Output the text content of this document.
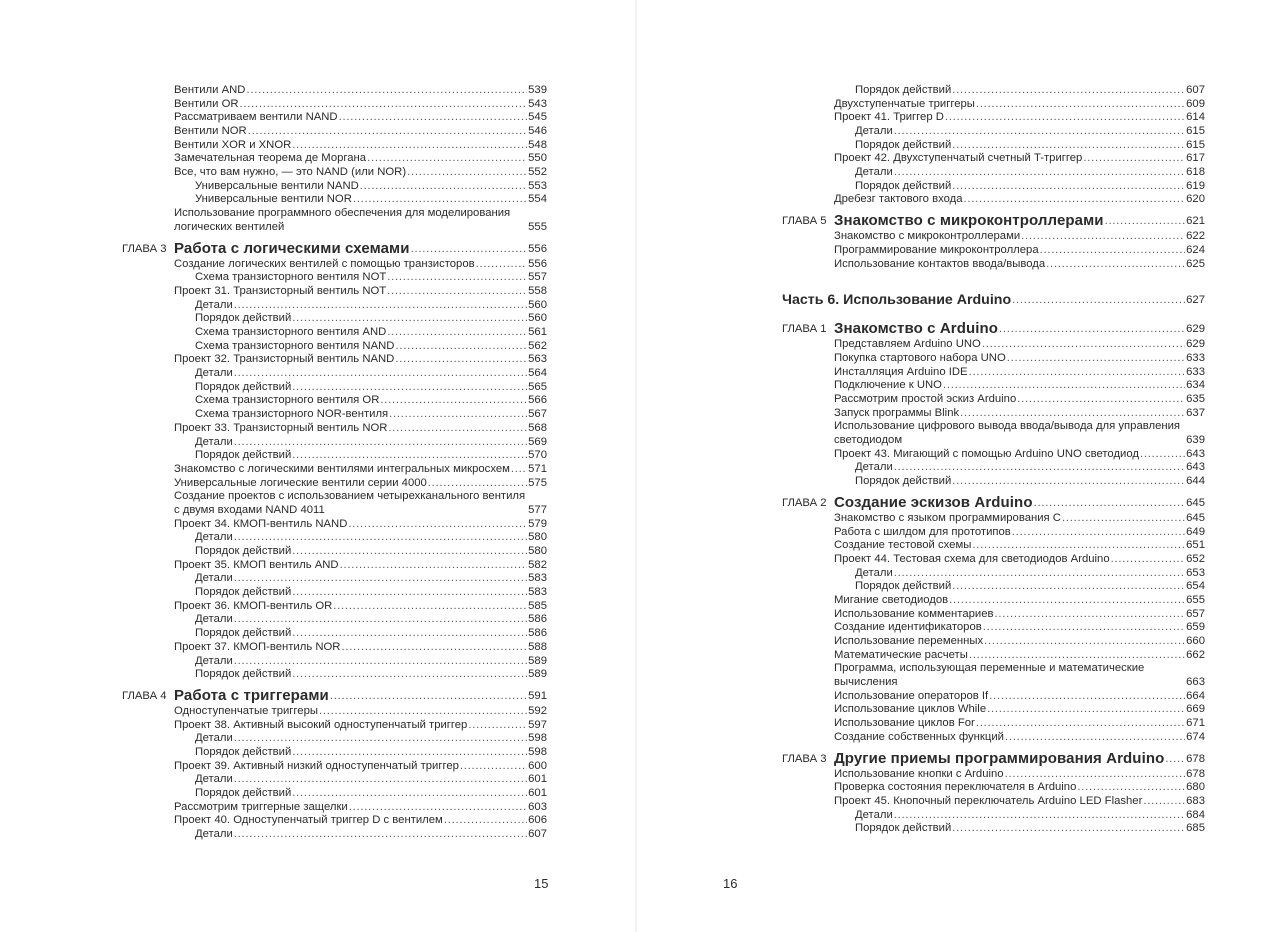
Вентили AND . . .	539
Вентили OR . . .	543
Рассматриваем вентили NAND . . .	545
Вентили NOR . . .	546
Вентили XOR и XNOR . . .	548
Замечательная теорема де Моргана . . .	550
Все, что вам нужно, — это NAND (или NOR) . . .	552
Универсальные вентили NAND . . .	553
Универсальные вентили NOR . . .	554
Использование программного обеспечения для моделирования логических вентилей	555
ГЛАВА 3 Работа с логическими схемами . . .	556
Создание логических вентилей с помощью транзисторов . . .	556
Схема транзисторного вентиля NOT . . .	557
Проект 31. Транзисторный вентиль NOT . . .	558
Детали . . .	560
Порядок действий . . .	560
Схема транзисторного вентиля AND . . .	561
Схема транзисторного вентиля NAND . . .	562
Проект 32. Транзисторный вентиль NAND . . .	563
Детали . . .	564
Порядок действий . . .	565
Схема транзисторного вентиля OR . . .	566
Схема транзисторного NOR-вентиля . . .	567
Проект 33. Транзисторный вентиль NOR . . .	568
Детали . . .	569
Порядок действий . . .	570
Знакомство с логическими вентилями интегральных микросхем . . . 571
Универсальные логические вентили серии 4000 . . .	575
Создание проектов с использованием четырехканального вентиля с двумя входами NAND 4011	577
Проект 34. КМОП-вентиль NAND . . .	579
Детали . . .	580
Порядок действий . . .	580
Проект 35. КМОП вентиль AND . . .	582
Детали . . .	583
Порядок действий . . .	583
Проект 36. КМОП-вентиль OR . . .	585
Детали . . .	586
Порядок действий . . .	586
Проект 37. КМОП-вентиль NOR . . .	588
Детали . . .	589
Порядок действий . . .	589
ГЛАВА 4 Работа с триггерами . . .	591
Одноступенчатые триггеры . . .	592
Проект 38. Активный высокий одноступенчатый триггер . . .	597
Детали . . .	598
Порядок действий . . .	598
Проект 39. Активный низкий одноступенчатый триггер . . .	600
Детали . . .	601
Порядок действий . . .	601
Рассмотрим триггерные защелки . . .	603
Проект 40. Одноступенчатый триггер D с вентилем . . .	606
Детали . . .	607
15
Порядок действий . . .	607
Двухступенчатые триггеры . . .	609
Проект 41. Триггер D . . .	614
Детали . . .	615
Порядок действий . . .	615
Проект 42. Двухступенчатый счетный T-триггер . . .	617
Детали . . .	618
Порядок действий . . .	619
Дребезг тактового входа . . .	620
ГЛАВА 5 Знакомство с микроконтроллерами . . .	621
Знакомство с микроконтроллерами . . .	622
Программирование микроконтроллера . . .	624
Использование контактов ввода/вывода . . .	625
Часть 6. Использование Arduino . . .	627
ГЛАВА 1 Знакомство с Arduino . . .	629
Представляем Arduino UNO . . .	629
Покупка стартового набора UNO . . .	633
Инсталляция Arduino IDE . . .	633
Подключение к UNO . . .	634
Рассмотрим простой эскиз Arduino . . .	635
Запуск программы Blink . . .	637
Использование цифрового вывода ввода/вывода для управления светодиодом	639
Проект 43. Мигающий с помощью Arduino UNO светодиод . . .	643
Детали . . .	643
Порядок действий . . .	644
ГЛАВА 2 Создание эскизов Arduino . . .	645
Знакомство с языком программирования С . . .	645
Работа с шилдом для прототипов . . .	649
Создание тестовой схемы . . .	651
Проект 44. Тестовая схема для светодиодов Arduino . . .	652
Детали . . .	653
Порядок действий . . .	654
Мигание светодиодов . . .	655
Использование комментариев . . .	657
Создание идентификаторов . . .	659
Использование переменных . . .	660
Математические расчеты . . .	662
Программа, использующая переменные и математические вычисления	663
Использование операторов If . . .	664
Использование циклов While . . .	669
Использование циклов For . . .	671
Создание собственных функций . . .	674
ГЛАВА 3 Другие приемы программирования Arduino . . . 678
Использование кнопки с Arduino . . .	678
Проверка состояния переключателя в Arduino . . .	680
Проект 45. Кнопочный переключатель Arduino LED Flasher . . .	683
Детали . . .	684
Порядок действий . . .	685
16
